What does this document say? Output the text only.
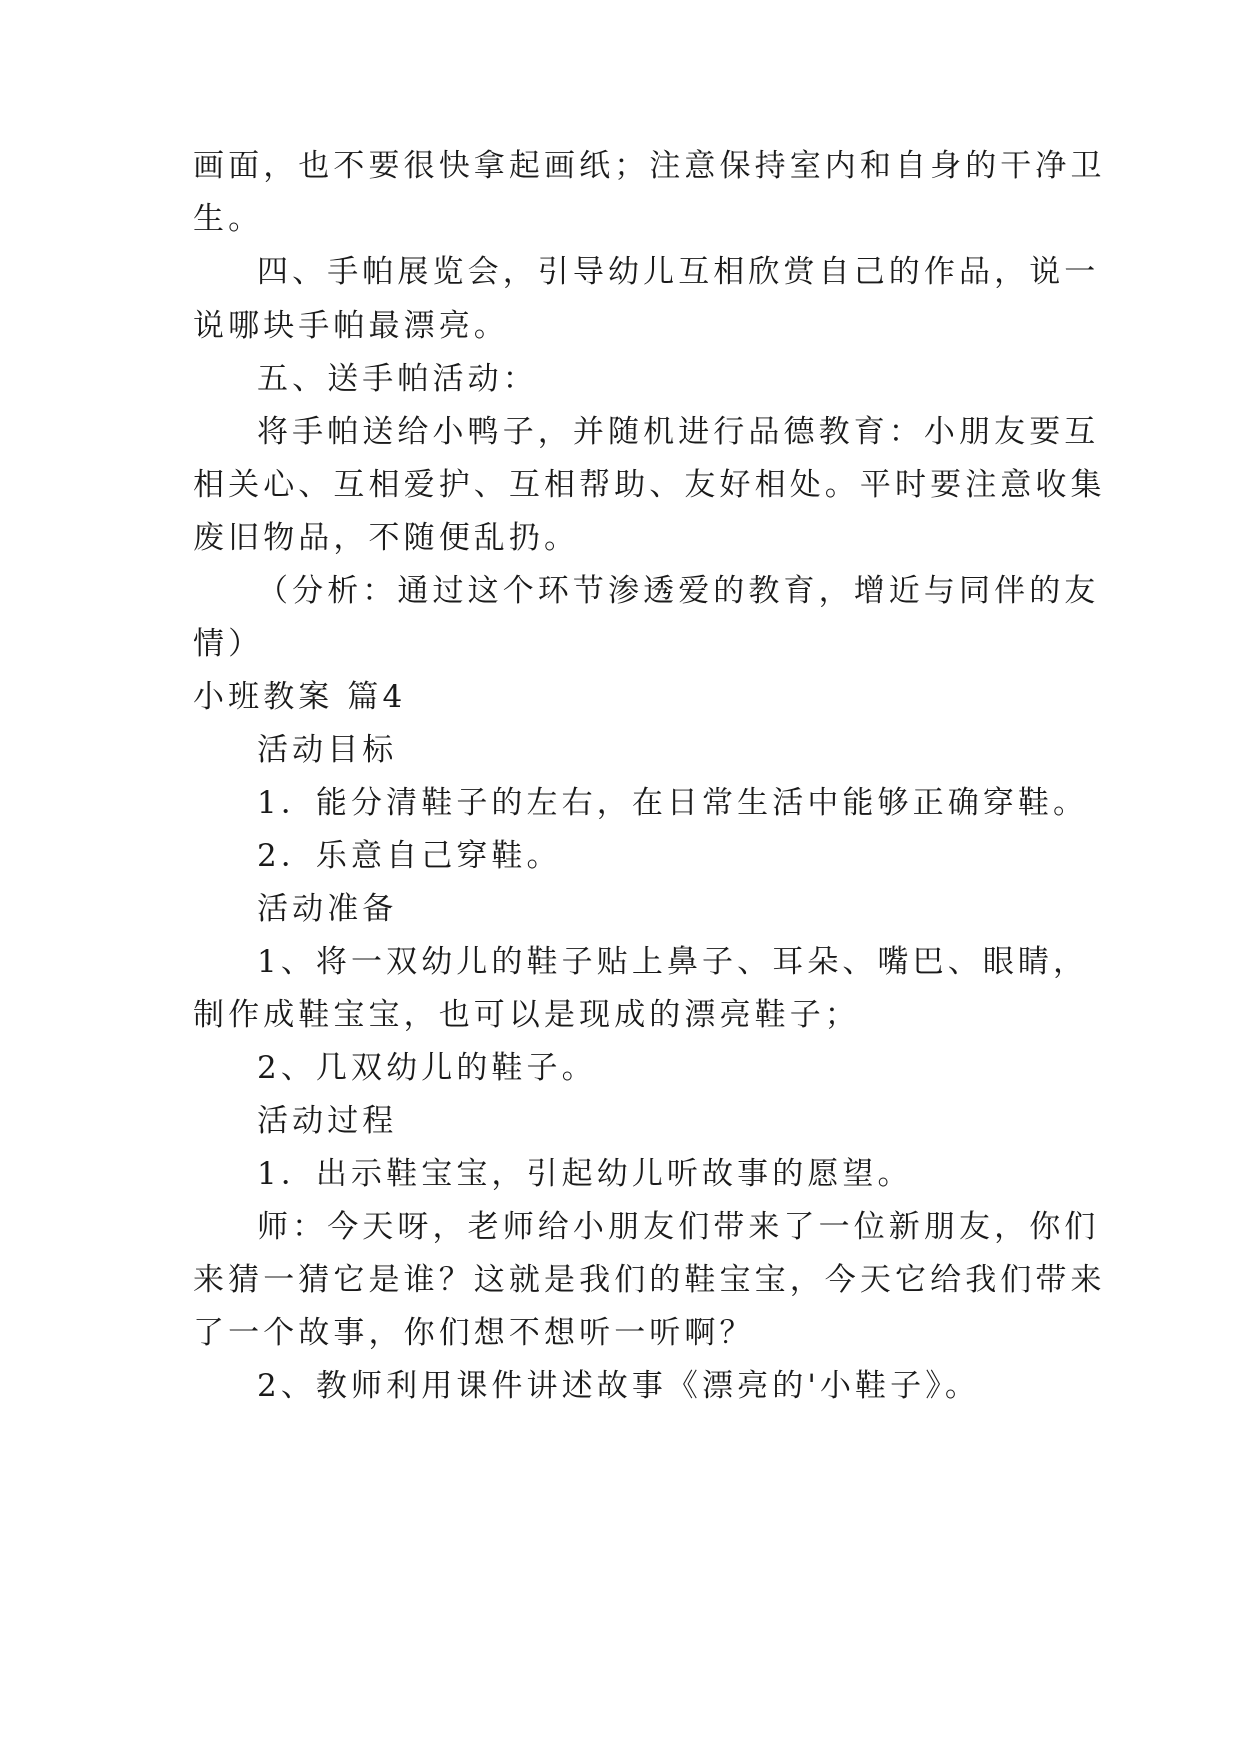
画面，也不要很快拿起画纸；注意保持室内和自身的干净卫
生。
四、手帕展览会，引导幼儿互相欣赏自己的作品，说一
说哪块手帕最漂亮。
五、送手帕活动：
将手帕送给小鸭子，并随机进行品德教育：小朋友要互
相关心、互相爱护、互相帮助、友好相处。平时要注意收集
废旧物品，不随便乱扔。
（分析：通过这个环节渗透爱的教育，增近与同伴的友
情）
小班教案 篇4
活动目标
1．能分清鞋子的左右，在日常生活中能够正确穿鞋。
2．乐意自己穿鞋。
活动准备
1、将一双幼儿的鞋子贴上鼻子、耳朵、嘴巴、眼睛，
制作成鞋宝宝，也可以是现成的漂亮鞋子；
2、几双幼儿的鞋子。
活动过程
1．出示鞋宝宝，引起幼儿听故事的愿望。
师：今天呀，老师给小朋友们带来了一位新朋友，你们
来猜一猜它是谁？这就是我们的鞋宝宝，今天它给我们带来
了一个故事，你们想不想听一听啊？
2、教师利用课件讲述故事《漂亮的'小鞋子》。
